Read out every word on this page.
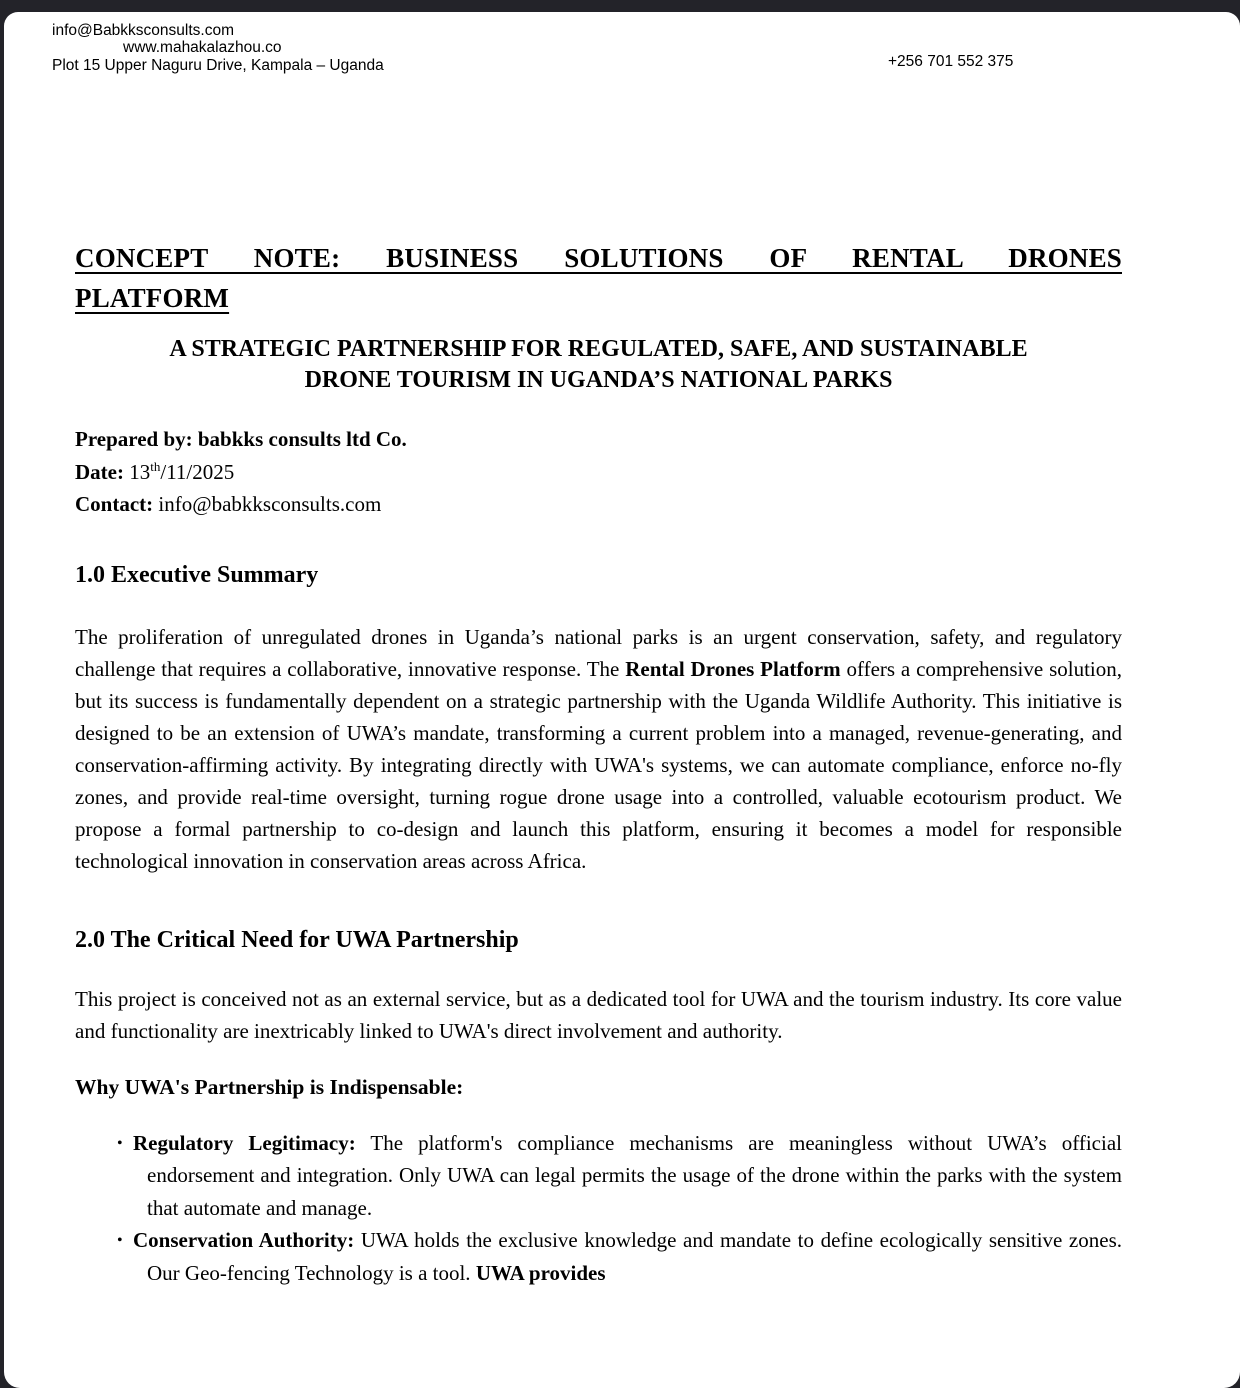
info@Babkksconsults.com
www.mahakalazhou.co
Plot 15 Upper Naguru Drive, Kampala – Uganda	+256 701 552 375
CONCEPT NOTE: BUSINESS SOLUTIONS OF RENTAL DRONES
PLATFORM
A STRATEGIC PARTNERSHIP FOR REGULATED, SAFE, AND SUSTAINABLE
DRONE TOURISM IN UGANDA’S NATIONAL PARKS
Prepared by: babkks consults ltd Co.
Date: 13th/11/2025
Contact: info@babkksconsults.com
1.0 Executive Summary

The proliferation of unregulated drones in Uganda’s national parks is an urgent conservation, safety, and regulatory challenge that requires a collaborative, innovative response. The Rental Drones Platform offers a comprehensive solution, but its success is fundamentally dependent on a strategic partnership with the Uganda Wildlife Authority. This initiative is designed to be an extension of UWA’s mandate, transforming a current problem into a managed, revenue-generating, and conservation-affirming activity. By integrating directly with UWA's systems, we can automate compliance, enforce no-fly zones, and provide real-time oversight, turning rogue drone usage into a controlled, valuable ecotourism product. We propose a formal partnership to co-design and launch this platform, ensuring it becomes a model for responsible technological innovation in conservation areas across Africa.

2.0 The Critical Need for UWA Partnership

This project is conceived not as an external service, but as a dedicated tool for UWA and the tourism industry. Its core value and functionality are inextricably linked to UWA's direct involvement and authority.

Why UWA's Partnership is Indispensable:
• Regulatory Legitimacy: The platform's compliance mechanisms are meaningless without UWA’s official endorsement and integration. Only UWA can legal permits the usage of the drone within the parks with the system that automate and manage.
• Conservation Authority: UWA holds the exclusive knowledge and mandate to define ecologically sensitive zones. Our Geo-fencing Technology is a tool. UWA provides
